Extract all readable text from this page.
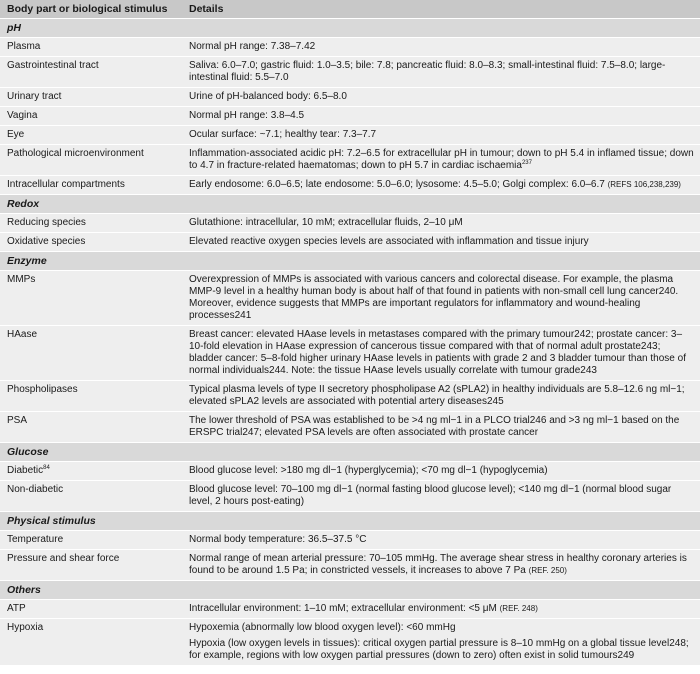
Body part or biological stimulus	Details
pH	
Plasma	Normal pH range: 7.38–7.42
Gastrointestinal tract	Saliva: 6.0–7.0; gastric fluid: 1.0–3.5; bile: 7.8; pancreatic fluid: 8.0–8.3; small-intestinal fluid: 7.5–8.0; large-intestinal fluid: 5.5–7.0
Urinary tract	Urine of pH-balanced body: 6.5–8.0
Vagina	Normal pH range: 3.8–4.5
Eye	Ocular surface: ~7.1; healthy tear: 7.3–7.7
Pathological microenvironment	Inflammation-associated acidic pH: 7.2–6.5 for extracellular pH in tumour; down to pH 5.4 in inflamed tissue; down to 4.7 in fracture-related haematomas; down to pH 5.7 in cardiac ischaemia$^{237}$
Intracellular compartments	Early endosome: 6.0–6.5; late endosome: 5.0–6.0; lysosome: 4.5–5.0; Golgi complex: 6.0–6.7 (REFS 106,238,239)
Redox	
Reducing species	Glutathione: intracellular, 10 mM; extracellular fluids, 2–10 μM
Oxidative species	Elevated reactive oxygen species levels are associated with inflammation and tissue injury
Enzyme	
MMPs	Overexpression of MMPs is associated with various cancers and colorectal disease. For example, the plasma MMP-9 level in a healthy human body is about half of that found in patients with non-small cell lung cancer240. Moreover, evidence suggests that MMPs are important regulators for inflammatory and wound-healing processes241
HAase	Breast cancer: elevated HAase levels in metastases compared with the primary tumour242; prostate cancer: 3–10-fold elevation in HAase expression of cancerous tissue compared with that of normal adult prostate243; bladder cancer: 5–8-fold higher urinary HAase levels in patients with grade 2 and 3 bladder tumour than those of normal individuals244. Note: the tissue HAase levels usually correlate with tumour grade243
Phospholipases	Typical plasma levels of type II secretory phospholipase A2 (sPLA2) in healthy individuals are 5.8–12.6 ng ml−1; elevated sPLA2 levels are associated with potential artery diseases245
PSA	The lower threshold of PSA was established to be >4 ng ml−1 in a PLCO trial246 and >3 ng ml−1 based on the ERSPC trial247; elevated PSA levels are often associated with prostate cancer
Glucose	
Diabetic$^{84}$	Blood glucose level: >180 mg dl−1 (hyperglycemia); <70 mg dl−1 (hypoglycemia)
Non-diabetic	Blood glucose level: 70–100 mg dl−1 (normal fasting blood glucose level); <140 mg dl−1 (normal blood sugar level, 2 hours post-eating)
Physical stimulus	
Temperature	Normal body temperature: 36.5–37.5 °C
Pressure and shear force	Normal range of mean arterial pressure: 70–105 mmHg. The average shear stress in healthy coronary arteries is found to be around 1.5 Pa; in constricted vessels, it increases to above 7 Pa (REF. 250)
Others	
ATP	Intracellular environment: 1–10 mM; extracellular environment: <5 μM (REF. 248)
Hypoxia	Hypoxemia (abnormally low blood oxygen level): <60 mmHg

Hypoxia (low oxygen levels in tissues): critical oxygen partial pressure is 8–10 mmHg on a global tissue level248; for example, regions with low oxygen partial pressures (down to zero) often exist in solid tumours249
